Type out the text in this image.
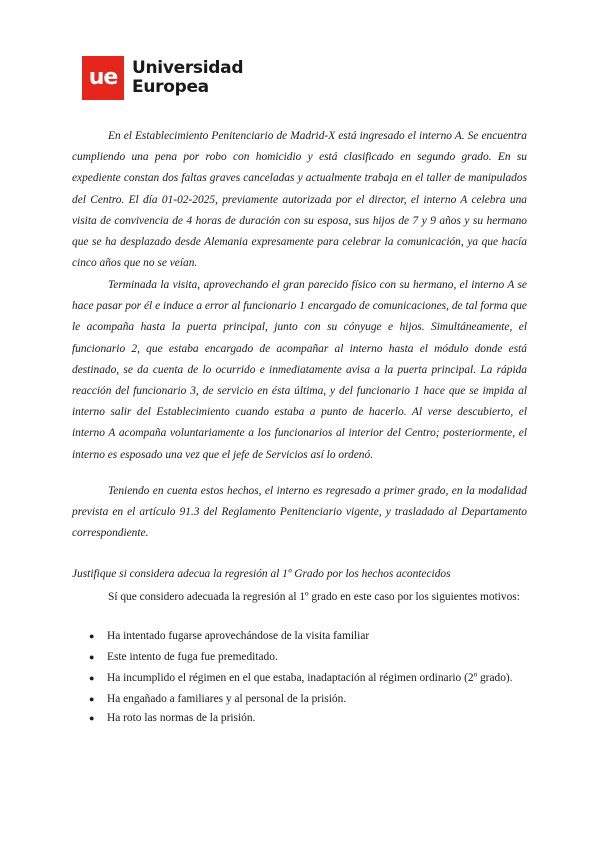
ue Universidad
Europea

En el Establecimiento Penitenciario de Madrid-X está ingresado el interno A. Se encuentra cumpliendo una pena por robo con homicidio y está clasificado en segundo grado. En su expediente constan dos faltas graves canceladas y actualmente trabaja en el taller de manipulados del Centro. El día 01-02-2025, previamente autorizada por el director, el interno A celebra una visita de convivencia de 4 horas de duración con su esposa, sus hijos de 7 y 9 años y su hermano que se ha desplazado desde Alemania expresamente para celebrar la comunicación, ya que hacía cinco años que no se veían.

Terminada la visita, aprovechando el gran parecido físico con su hermano, el interno A se hace pasar por él e induce a error al funcionario 1 encargado de comunicaciones, de tal forma que le acompaña hasta la puerta principal, junto con su cónyuge e hijos. Simultáneamente, el funcionario 2, que estaba encargado de acompañar al interno hasta el módulo donde está destinado, se da cuenta de lo ocurrido e inmediatamente avisa a la puerta principal. La rápida reacción del funcionario 3, de servicio en ésta última, y del funcionario 1 hace que se impida al interno salir del Establecimiento cuando estaba a punto de hacerlo. Al verse descubierto, el interno A acompaña voluntariamente a los funcionarios al interior del Centro; posteriormente, el interno es esposado una vez que el jefe de Servicios así lo ordenó.

Teniendo en cuenta estos hechos, el interno es regresado a primer grado, en la modalidad prevista en el artículo 91.3 del Reglamento Penitenciario vigente, y trasladado al Departamento correspondiente.

Justifique si considera adecua la regresión al 1º Grado por los hechos acontecidos

Sí que considero adecuada la regresión al 1º grado en este caso por los siguientes motivos:

● Ha intentado fugarse aprovechándose de la visita familiar
● Este intento de fuga fue premeditado.
● Ha incumplido el régimen en el que estaba, inadaptación al régimen ordinario (2º grado).
● Ha engañado a familiares y al personal de la prisión.
● Ha roto las normas de la prisión.
